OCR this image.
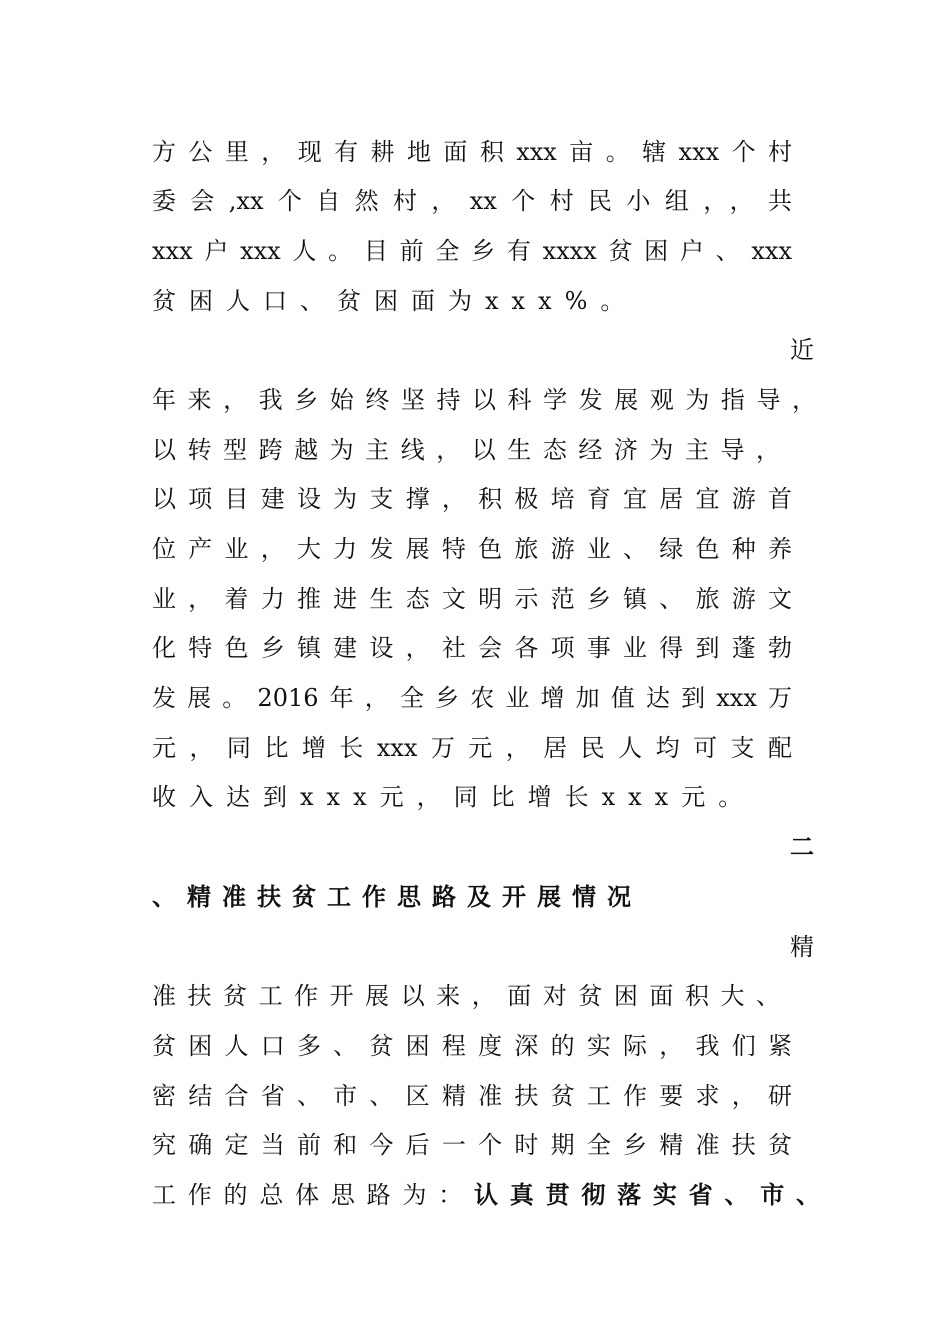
方公里，现有耕地面积xxx亩。辖xxx个村
委会,xx个自然村，xx个村民小组，，共
xxx户xxx人。目前全乡有xxxx贫困户、xxx
贫困人口、贫困面为xxx%。
近
年来，我乡始终坚持以科学发展观为指导，
以转型跨越为主线，以生态经济为主导，
以项目建设为支撑，积极培育宜居宜游首
位产业，大力发展特色旅游业、绿色种养
业，着力推进生态文明示范乡镇、旅游文
化特色乡镇建设，社会各项事业得到蓬勃
发展。2016年，全乡农业增加值达到xxx万
元，同比增长xxx万元，居民人均可支配
收入达到xxx元，同比增长xxx元。
二
、精准扶贫工作思路及开展情况
精
准扶贫工作开展以来，面对贫困面积大、
贫困人口多、贫困程度深的实际，我们紧
密结合省、市、区精准扶贫工作要求，研
究确定当前和今后一个时期全乡精准扶贫
工作的总体思路为：认真贯彻落实省、市、
